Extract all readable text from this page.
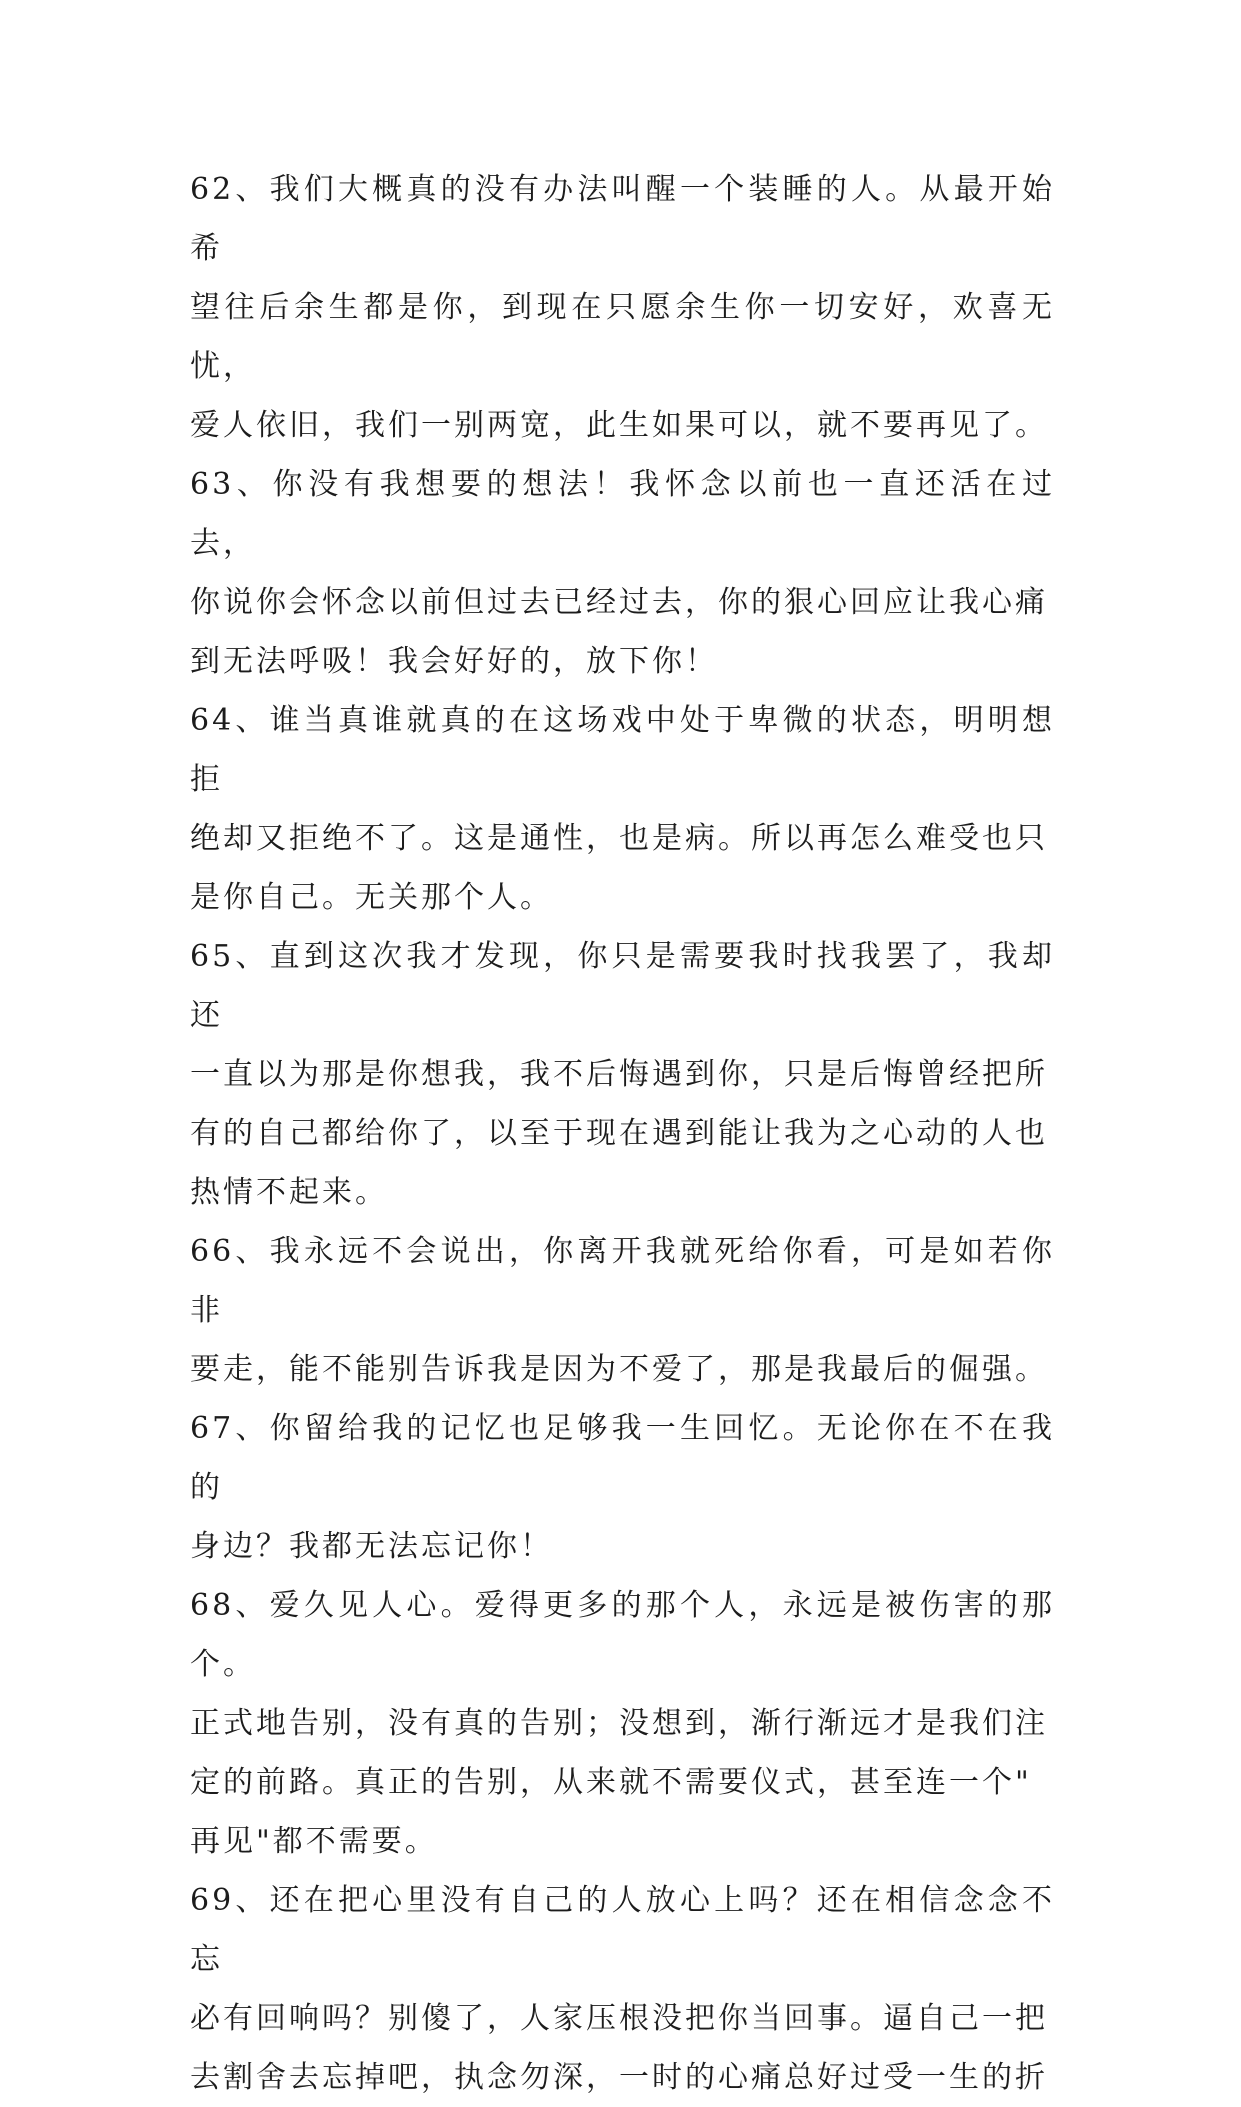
62、我们大概真的没有办法叫醒一个装睡的人。从最开始希
望往后余生都是你，到现在只愿余生你一切安好，欢喜无忧，
爱人依旧，我们一别两宽，此生如果可以，就不要再见了。

63、你没有我想要的想法！我怀念以前也一直还活在过去，
你说你会怀念以前但过去已经过去，你的狠心回应让我心痛
到无法呼吸！我会好好的，放下你！

64、谁当真谁就真的在这场戏中处于卑微的状态，明明想拒
绝却又拒绝不了。这是通性，也是病。所以再怎么难受也只
是你自己。无关那个人。

65、直到这次我才发现，你只是需要我时找我罢了，我却还
一直以为那是你想我，我不后悔遇到你，只是后悔曾经把所
有的自己都给你了，以至于现在遇到能让我为之心动的人也
热情不起来。

66、我永远不会说出，你离开我就死给你看，可是如若你非
要走，能不能别告诉我是因为不爱了，那是我最后的倔强。

67、你留给我的记忆也足够我一生回忆。无论你在不在我的
身边？我都无法忘记你！

68、爱久见人心。爱得更多的那个人，永远是被伤害的那个。
正式地告别，没有真的告别；没想到，渐行渐远才是我们注
定的前路。真正的告别，从来就不需要仪式，甚至连一个"
再见"都不需要。

69、还在把心里没有自己的人放心上吗？还在相信念念不忘
必有回响吗？别傻了，人家压根没把你当回事。逼自己一把
去割舍去忘掉吧，执念勿深，一时的心痛总好过受一生的折
